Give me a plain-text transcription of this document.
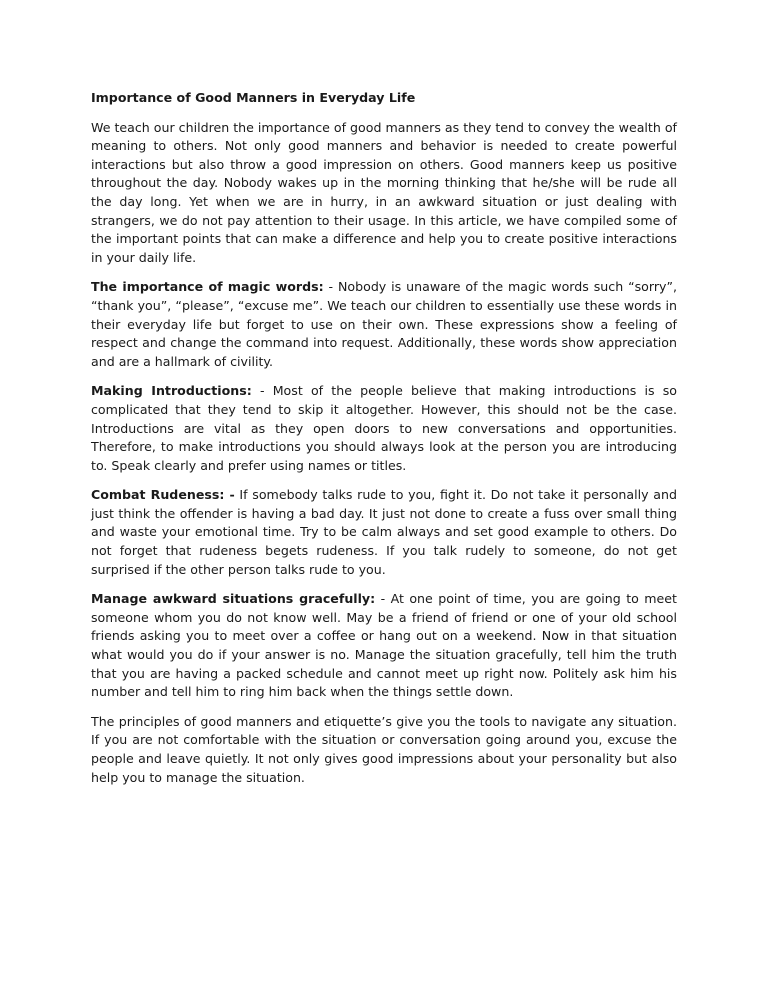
Importance of Good Manners in Everyday Life

We teach our children the importance of good manners as they tend to convey the wealth of meaning to others. Not only good manners and behavior is needed to create powerful interactions but also throw a good impression on others. Good manners keep us positive throughout the day. Nobody wakes up in the morning thinking that he/she will be rude all the day long. Yet when we are in hurry, in an awkward situation or just dealing with strangers, we do not pay attention to their usage. In this article, we have compiled some of the important points that can make a difference and help you to create positive interactions in your daily life.

The importance of magic words: - Nobody is unaware of the magic words such “sorry”, “thank you”, “please”, “excuse me”. We teach our children to essentially use these words in their everyday life but forget to use on their own. These expressions show a feeling of respect and change the command into request. Additionally, these words show appreciation and are a hallmark of civility.

Making Introductions: - Most of the people believe that making introductions is so complicated that they tend to skip it altogether. However, this should not be the case. Introductions are vital as they open doors to new conversations and opportunities. Therefore, to make introductions you should always look at the person you are introducing to. Speak clearly and prefer using names or titles.

Combat Rudeness: - If somebody talks rude to you, fight it. Do not take it personally and just think the offender is having a bad day. It just not done to create a fuss over small thing and waste your emotional time. Try to be calm always and set good example to others. Do not forget that rudeness begets rudeness. If you talk rudely to someone, do not get surprised if the other person talks rude to you.

Manage awkward situations gracefully: - At one point of time, you are going to meet someone whom you do not know well. May be a friend of friend or one of your old school friends asking you to meet over a coffee or hang out on a weekend. Now in that situation what would you do if your answer is no. Manage the situation gracefully, tell him the truth that you are having a packed schedule and cannot meet up right now. Politely ask him his number and tell him to ring him back when the things settle down.

The principles of good manners and etiquette’s give you the tools to navigate any situation. If you are not comfortable with the situation or conversation going around you, excuse the people and leave quietly. It not only gives good impressions about your personality but also help you to manage the situation.
